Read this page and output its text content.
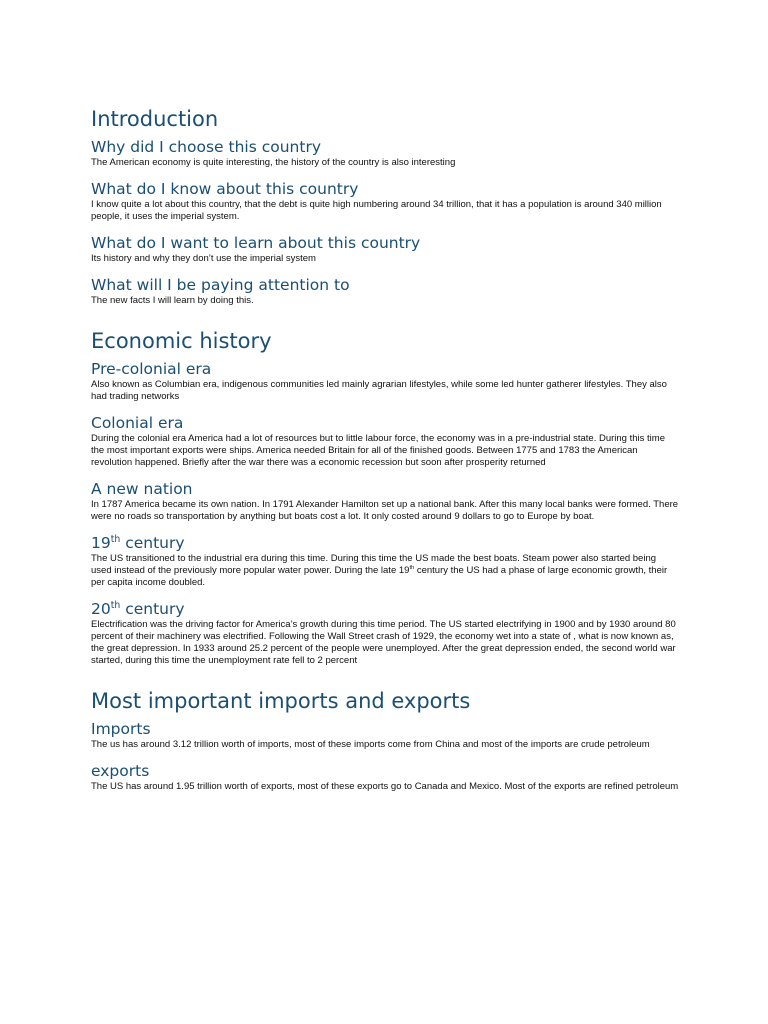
Introduction
Why did I choose this country

The American economy is quite interesting, the history of the country is also interesting

What do I know about this country

I know quite a lot about this country, that the debt is quite high numbering around 34 trillion, that it has a population is around 340 million people, it uses the imperial system.

What do I want to learn about this country

Its history and why they don’t use the imperial system

What will I be paying attention to

The new facts I will learn by doing this.

Economic history
Pre-colonial era

Also known as Columbian era, indigenous communities led mainly agrarian lifestyles, while some led hunter gatherer lifestyles. They also had trading networks

Colonial era

During the colonial era America had a lot of resources but to little labour force, the economy was in a pre-industrial state. During this time the most important exports were ships. America needed Britain for all of the finished goods. Between 1775 and 1783 the American revolution happened. Briefly after the war there was a economic recession but soon after prosperity returned

A new nation

In 1787 America became its own nation. In 1791 Alexander Hamilton set up a national bank. After this many local banks were formed. There were no roads so transportation by anything but boats cost a lot. It only costed around 9 dollars to go to Europe by boat.

19th century

The US transitioned to the industrial era during this time. During this time the US made the best boats. Steam power also started being used instead of the previously more popular water power. During the late 19th century the US had a phase of large economic growth, their per capita income doubled.

20th century

Electrification was the driving factor for America’s growth during this time period. The US started electrifying in 1900 and by 1930 around 80 percent of their machinery was electrified. Following the Wall Street crash of 1929, the economy wet into a state of , what is now known as, the great depression. In 1933 around 25.2 percent of the people were unemployed. After the great depression ended, the second world war started, during this time the unemployment rate fell to 2 percent

Most important imports and exports
Imports

The us has around 3.12 trillion worth of imports, most of these imports come from China and most of the imports are crude petroleum

exports

The US has around 1.95 trillion worth of exports, most of these exports go to Canada and Mexico. Most of the exports are refined petroleum
